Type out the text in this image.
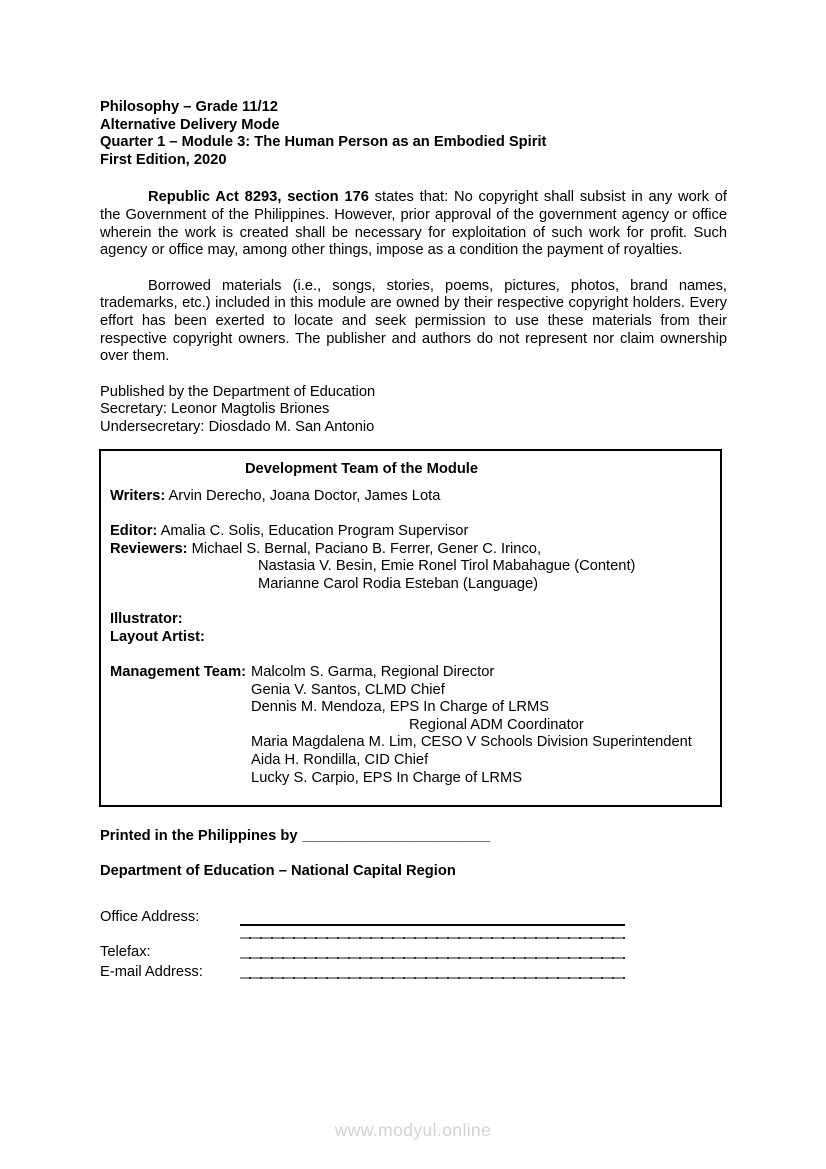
Philosophy – Grade 11/12
Alternative Delivery Mode
Quarter 1 – Module 3: The Human Person as an Embodied Spirit
First Edition, 2020

Republic Act 8293, section 176 states that: No copyright shall subsist in any work of the Government of the Philippines. However, prior approval of the government agency or office wherein the work is created shall be necessary for exploitation of such work for profit. Such agency or office may, among other things, impose as a condition the payment of royalties.

Borrowed materials (i.e., songs, stories, poems, pictures, photos, brand names, trademarks, etc.) included in this module are owned by their respective copyright holders. Every effort has been exerted to locate and seek permission to use these materials from their respective copyright owners. The publisher and authors do not represent nor claim ownership over them.

Published by the Department of Education
Secretary: Leonor Magtolis Briones
Undersecretary: Diosdado M. San Antonio
Development Team of the Module
Writers: Arvin Derecho, Joana Doctor, James Lota
Editor: Amalia C. Solis, Education Program Supervisor
Reviewers: Michael S. Bernal, Paciano B. Ferrer, Gener C. Irinco,
Nastasia V. Besin, Emie Ronel Tirol Mabahague (Content)
Marianne Carol Rodia Esteban (Language)
Illustrator:
Layout Artist:
Management Team: Malcolm S. Garma, Regional Director
Genia V. Santos, CLMD Chief
Dennis M. Mendoza, EPS In Charge of LRMS
Regional ADM Coordinator
Maria Magdalena M. Lim, CESO V Schools Division Superintendent
Aida H. Rondilla, CID Chief
Lucky S. Carpio, EPS In Charge of LRMS
Printed in the Philippines by _______________________
Department of Education – National Capital Region
Office Address:
Telefax:
E-mail Address:
www.modyul.online
